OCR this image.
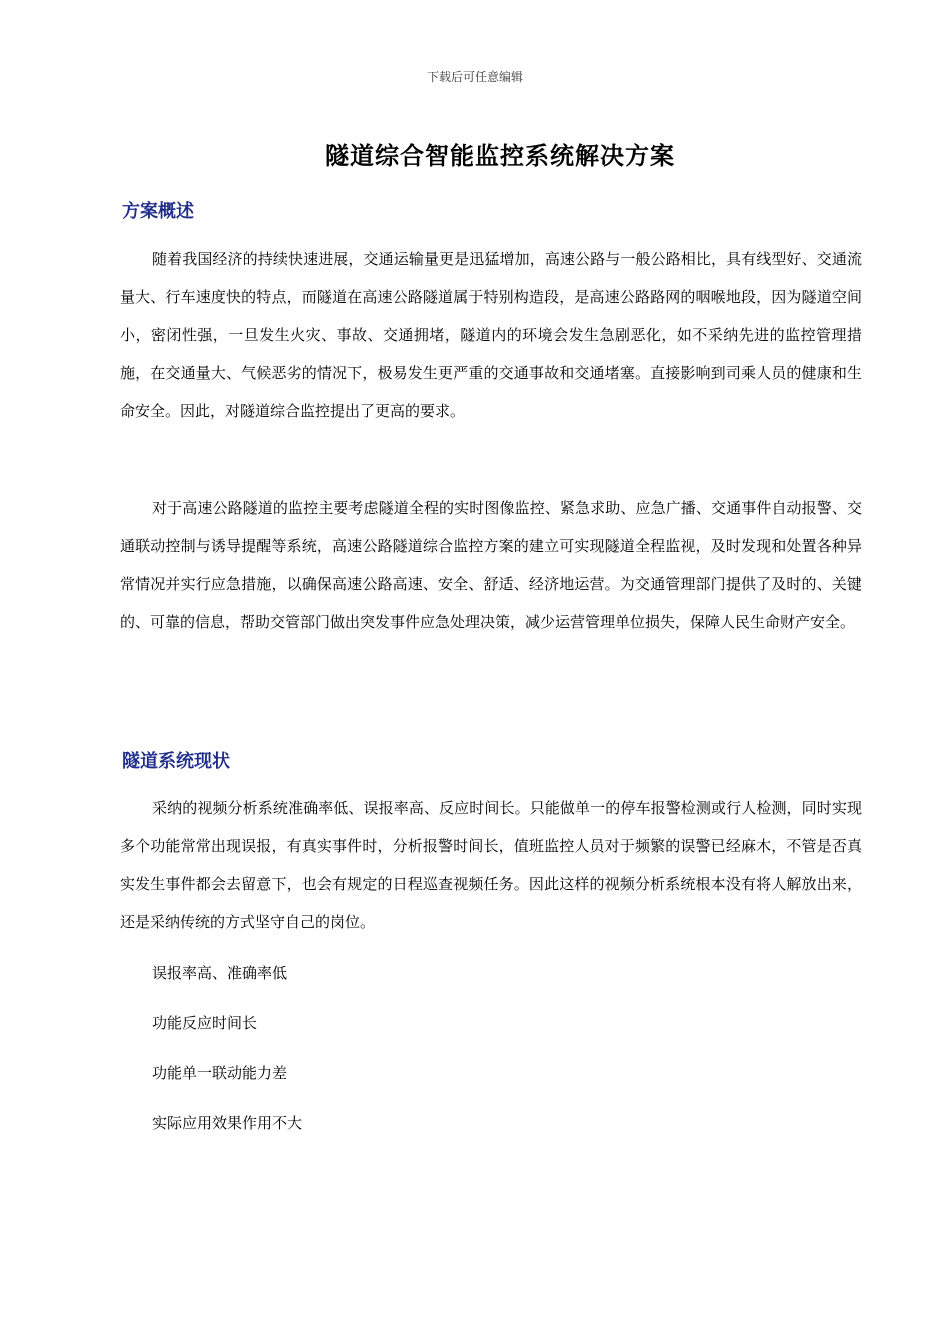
下载后可任意编辑
隧道综合智能监控系统解决方案
方案概述

随着我国经济的持续快速进展，交通运输量更是迅猛增加，高速公路与一般公路相比，具有线型好、交通流量大、行车速度快的特点，而隧道在高速公路隧道属于特别构造段，是高速公路路网的咽喉地段，因为隧道空间小，密闭性强，一旦发生火灾、事故、交通拥堵，隧道内的环境会发生急剧恶化，如不采纳先进的监控管理措施，在交通量大、气候恶劣的情况下，极易发生更严重的交通事故和交通堵塞。直接影响到司乘人员的健康和生命安全。因此，对隧道综合监控提出了更高的要求。

对于高速公路隧道的监控主要考虑隧道全程的实时图像监控、紧急求助、应急广播、交通事件自动报警、交通联动控制与诱导提醒等系统，高速公路隧道综合监控方案的建立可实现隧道全程监视，及时发现和处置各种异常情况并实行应急措施，以确保高速公路高速、安全、舒适、经济地运营。为交通管理部门提供了及时的、关键的、可靠的信息，帮助交管部门做出突发事件应急处理决策，减少运营管理单位损失，保障人民生命财产安全。

隧道系统现状

采纳的视频分析系统准确率低、误报率高、反应时间长。只能做单一的停车报警检测或行人检测，同时实现多个功能常常出现误报，有真实事件时，分析报警时间长，值班监控人员对于频繁的误警已经麻木，不管是否真实发生事件都会去留意下，也会有规定的日程巡查视频任务。因此这样的视频分析系统根本没有将人解放出来，还是采纳传统的方式坚守自己的岗位。

误报率高、准确率低

功能反应时间长

功能单一联动能力差

实际应用效果作用不大
